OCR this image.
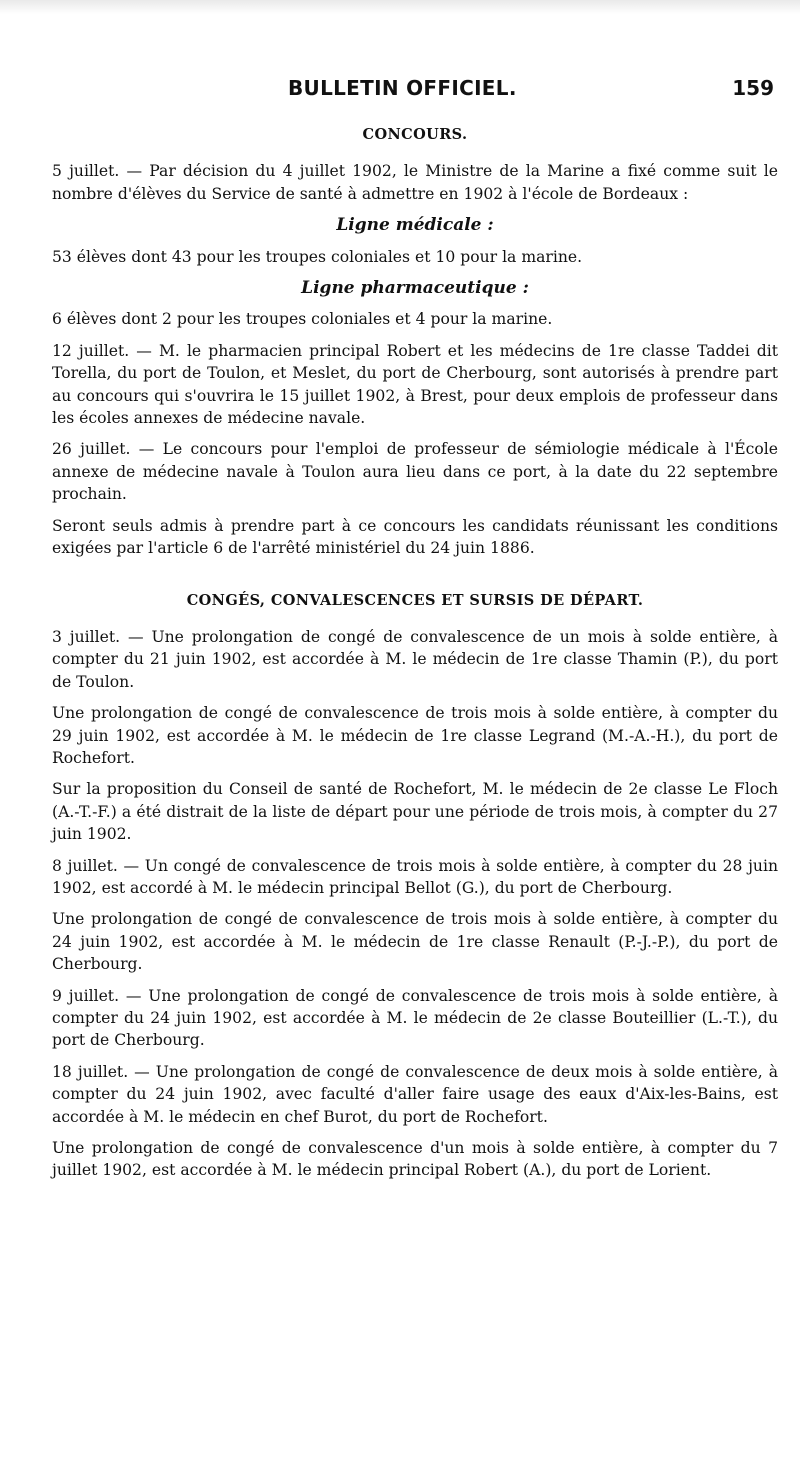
BULLETIN OFFICIEL.	159
CONCOURS.

5 juillet. — Par décision du 4 juillet 1902, le Ministre de la Marine a fixé comme suit le nombre d'élèves du Service de santé à admettre en 1902 à l'école de Bordeaux :

Ligne médicale :

53 élèves dont 43 pour les troupes coloniales et 10 pour la marine.

Ligne pharmaceutique :

6 élèves dont 2 pour les troupes coloniales et 4 pour la marine.

12 juillet. — M. le pharmacien principal Robert et les médecins de 1re classe Taddei dit Torella, du port de Toulon, et Meslet, du port de Cherbourg, sont autorisés à prendre part au concours qui s'ouvrira le 15 juillet 1902, à Brest, pour deux emplois de professeur dans les écoles annexes de médecine navale.

26 juillet. — Le concours pour l'emploi de professeur de sémiologie médicale à l'École annexe de médecine navale à Toulon aura lieu dans ce port, à la date du 22 septembre prochain.

Seront seuls admis à prendre part à ce concours les candidats réunissant les conditions exigées par l'article 6 de l'arrêté ministériel du 24 juin 1886.

CONGÉS, CONVALESCENCES ET SURSIS DE DÉPART.

3 juillet. — Une prolongation de congé de convalescence de un mois à solde entière, à compter du 21 juin 1902, est accordée à M. le médecin de 1re classe Thamin (P.), du port de Toulon.

Une prolongation de congé de convalescence de trois mois à solde entière, à compter du 29 juin 1902, est accordée à M. le médecin de 1re classe Legrand (M.-A.-H.), du port de Rochefort.

Sur la proposition du Conseil de santé de Rochefort, M. le médecin de 2e classe Le Floch (A.-T.-F.) a été distrait de la liste de départ pour une période de trois mois, à compter du 27 juin 1902.

8 juillet. — Un congé de convalescence de trois mois à solde entière, à compter du 28 juin 1902, est accordé à M. le médecin principal Bellot (G.), du port de Cherbourg.

Une prolongation de congé de convalescence de trois mois à solde entière, à compter du 24 juin 1902, est accordée à M. le médecin de 1re classe Renault (P.-J.-P.), du port de Cherbourg.

9 juillet. — Une prolongation de congé de convalescence de trois mois à solde entière, à compter du 24 juin 1902, est accordée à M. le médecin de 2e classe Bouteillier (L.-T.), du port de Cherbourg.

18 juillet. — Une prolongation de congé de convalescence de deux mois à solde entière, à compter du 24 juin 1902, avec faculté d'aller faire usage des eaux d'Aix-les-Bains, est accordée à M. le médecin en chef Burot, du port de Rochefort.

Une prolongation de congé de convalescence d'un mois à solde entière, à compter du 7 juillet 1902, est accordée à M. le médecin principal Robert (A.), du port de Lorient.
